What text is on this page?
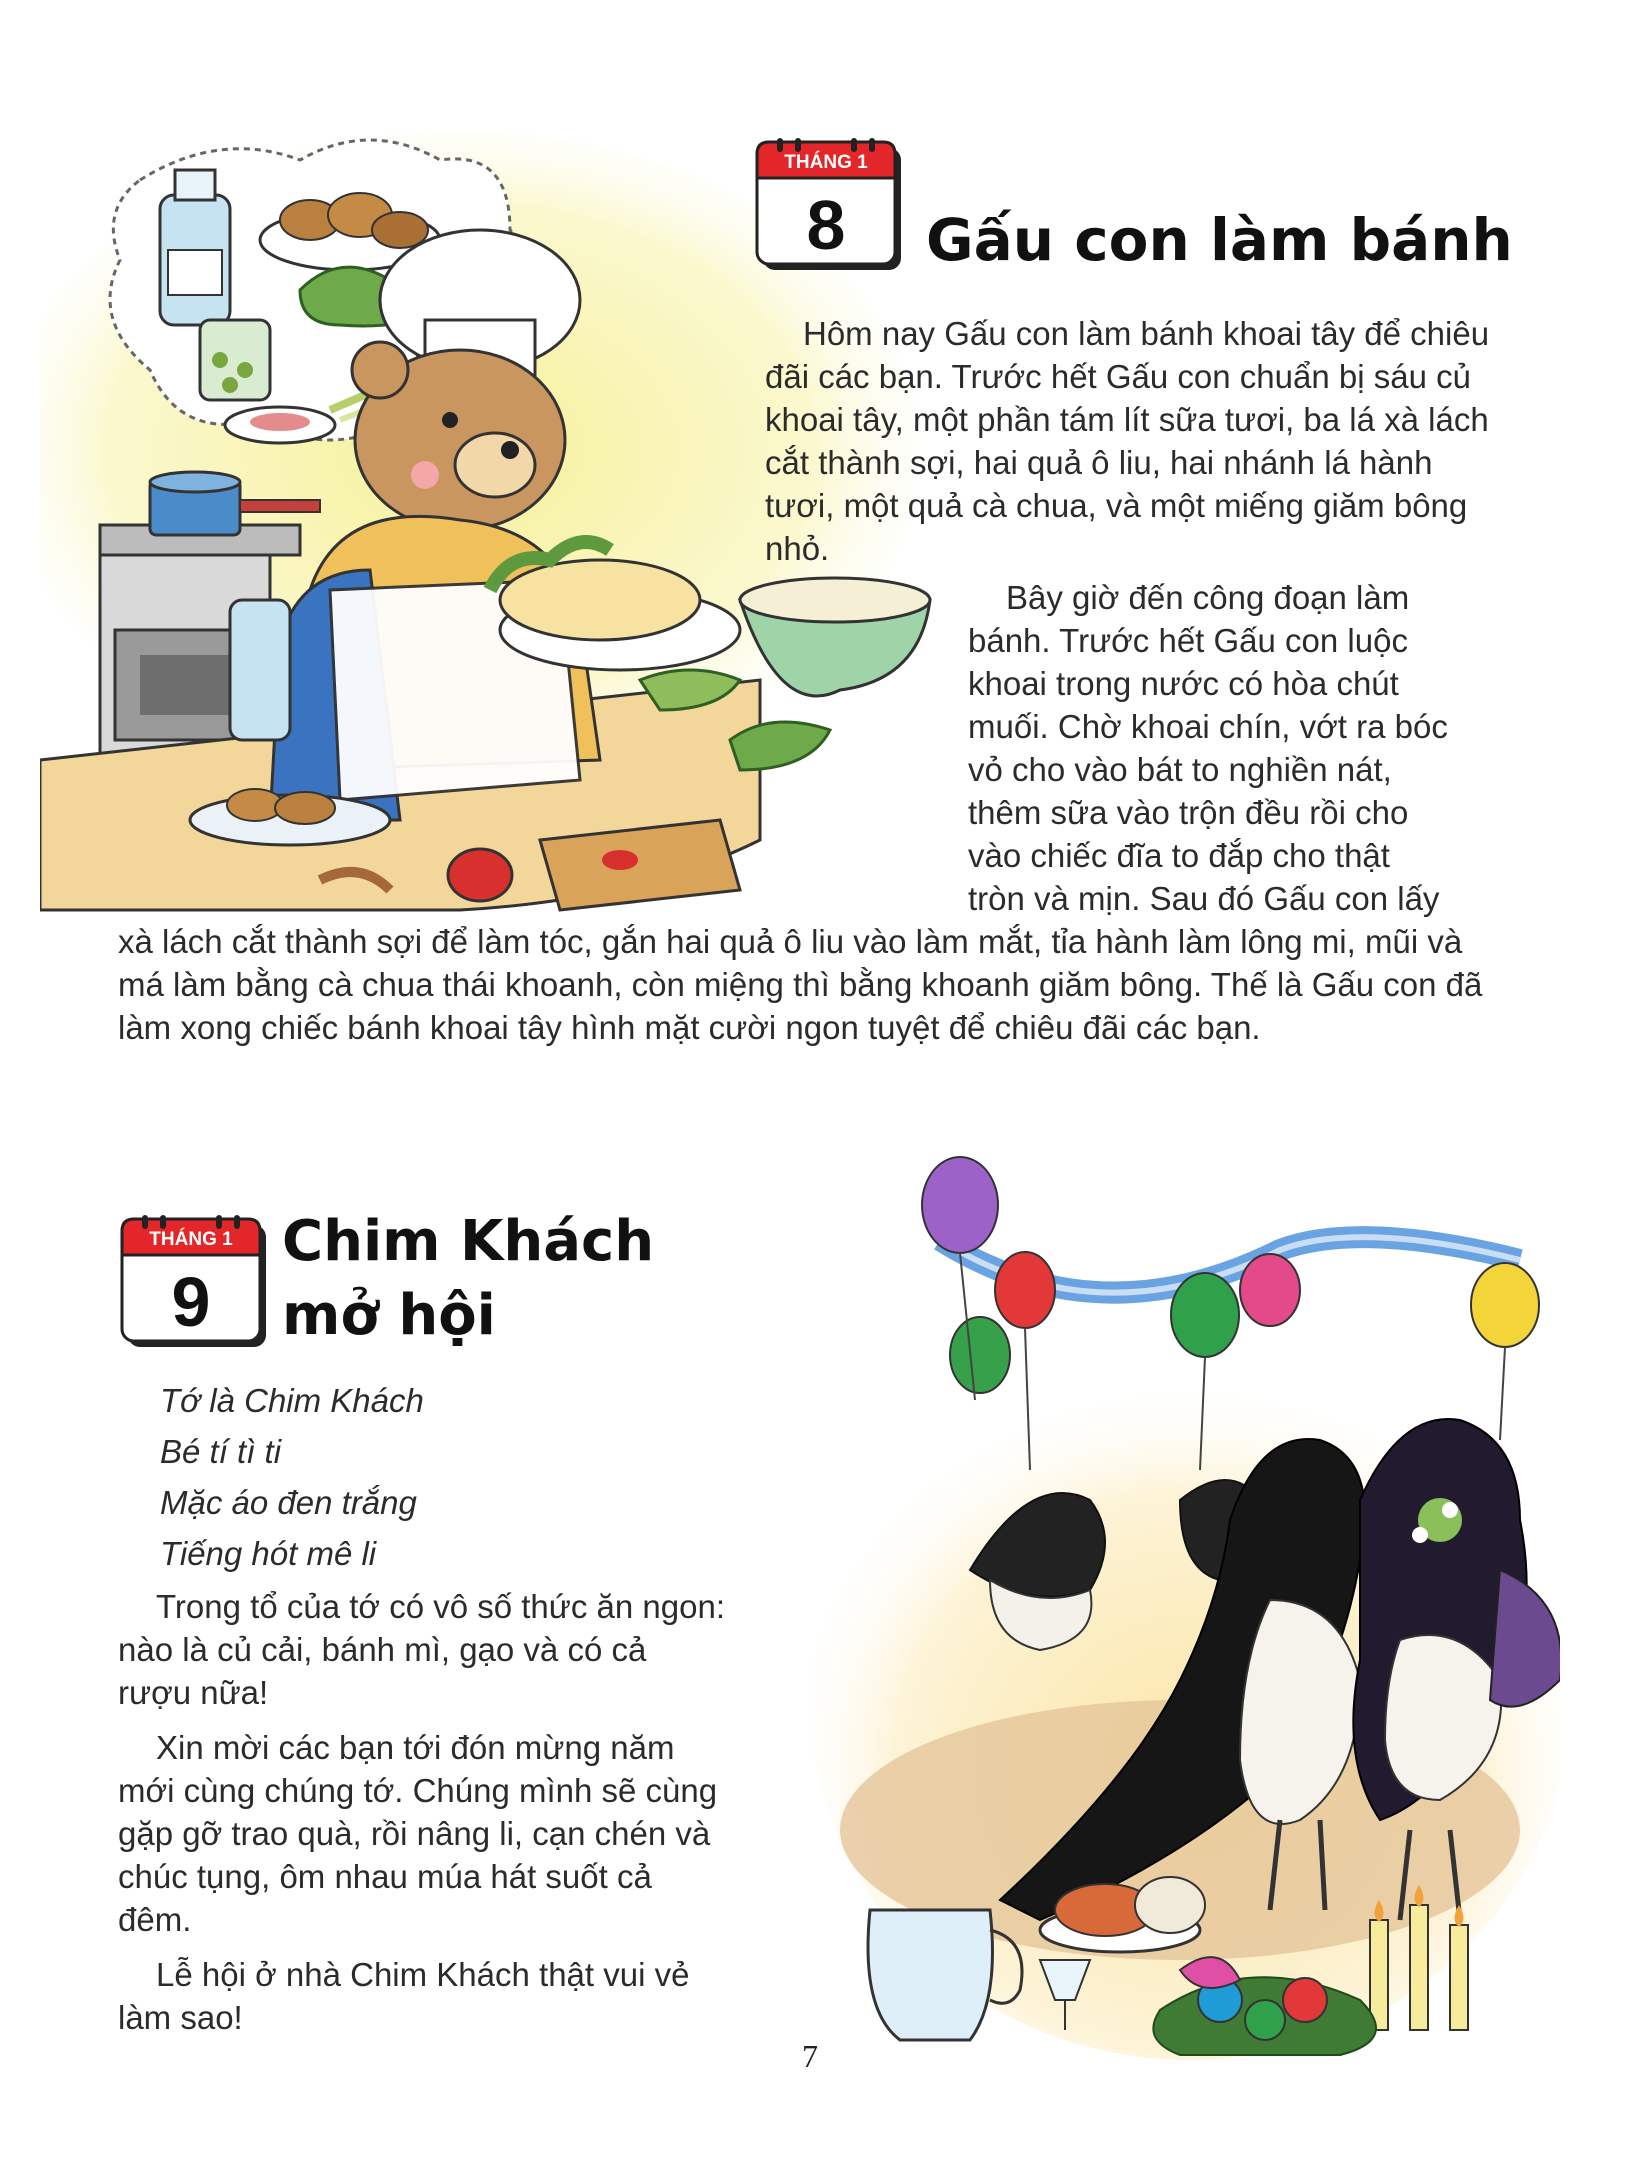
THÁNG 1
8	Gấu con làm bánh

Hôm nay Gấu con làm bánh khoai tây để chiêu đãi các bạn. Trước hết Gấu con chuẩn bị sáu củ khoai tây, một phần tám lít sữa tươi, ba lá xà lách cắt thành sợi, hai quả ô liu, hai nhánh lá hành tươi, một quả cà chua, và một miếng giăm bông nhỏ.

Bây giờ đến công đoạn làm
bánh. Trước hết Gấu con luộc
khoai trong nước có hòa chút
muối. Chờ khoai chín, vớt ra bóc
vỏ cho vào bát to nghiền nát,
thêm sữa vào trộn đều rồi cho
vào chiếc đĩa to đắp cho thật
tròn và mịn. Sau đó Gấu con lấy

xà lách cắt thành sợi để làm tóc, gắn hai quả ô liu vào làm mắt, tỉa hành làm lông mi, mũi và má làm bằng cà chua thái khoanh, còn miệng thì bằng khoanh giăm bông. Thế là Gấu con đã làm xong chiếc bánh khoai tây hình mặt cười ngon tuyệt để chiêu đãi các bạn.

THÁNG 1
9
Chim Khách
mở hội
Tớ là Chim Khách
Bé tí tì ti
Mặc áo đen trắng
Tiếng hót mê li

Trong tổ của tớ có vô số thức ăn ngon: nào là củ cải, bánh mì, gạo và có cả rượu nữa!

Xin mời các bạn tới đón mừng năm mới cùng chúng tớ. Chúng mình sẽ cùng gặp gỡ trao quà, rồi nâng li, cạn chén và chúc tụng, ôm nhau múa hát suốt cả đêm.

Lễ hội ở nhà Chim Khách thật vui vẻ làm sao!

7
